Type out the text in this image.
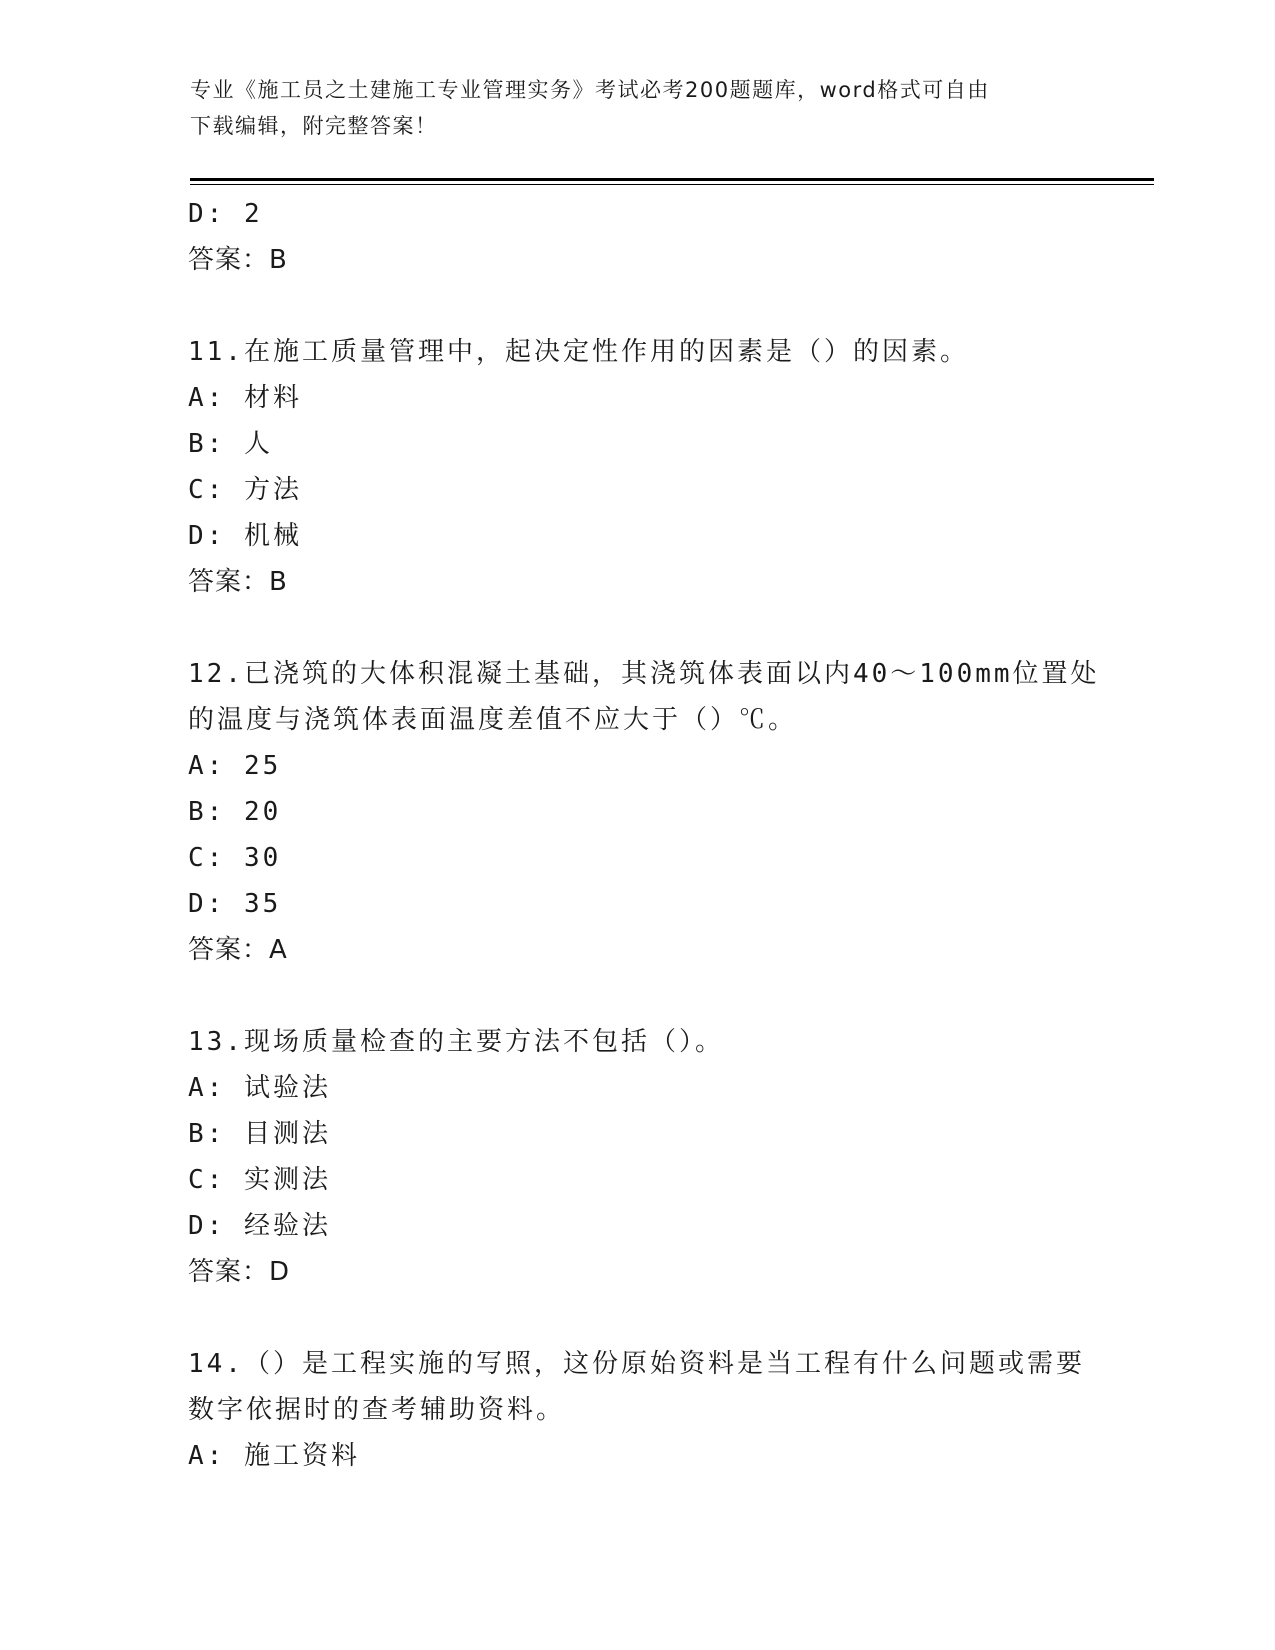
专业《施工员之土建施工专业管理实务》考试必考200题题库，word格式可自由
下载编辑，附完整答案！
D: 2
答案：B
11.在施工质量管理中，起决定性作用的因素是（）的因素。
A: 材料
B: 人
C: 方法
D: 机械
答案：B
12.已浇筑的大体积混凝土基础，其浇筑体表面以内40～100mm位置处
的温度与浇筑体表面温度差值不应大于（）℃。
A: 25
B: 20
C: 30
D: 35
答案：A
13.现场质量检查的主要方法不包括（）。
A: 试验法
B: 目测法
C: 实测法
D: 经验法
答案：D
14.（）是工程实施的写照，这份原始资料是当工程有什么问题或需要
数字依据时的查考辅助资料。
A: 施工资料
